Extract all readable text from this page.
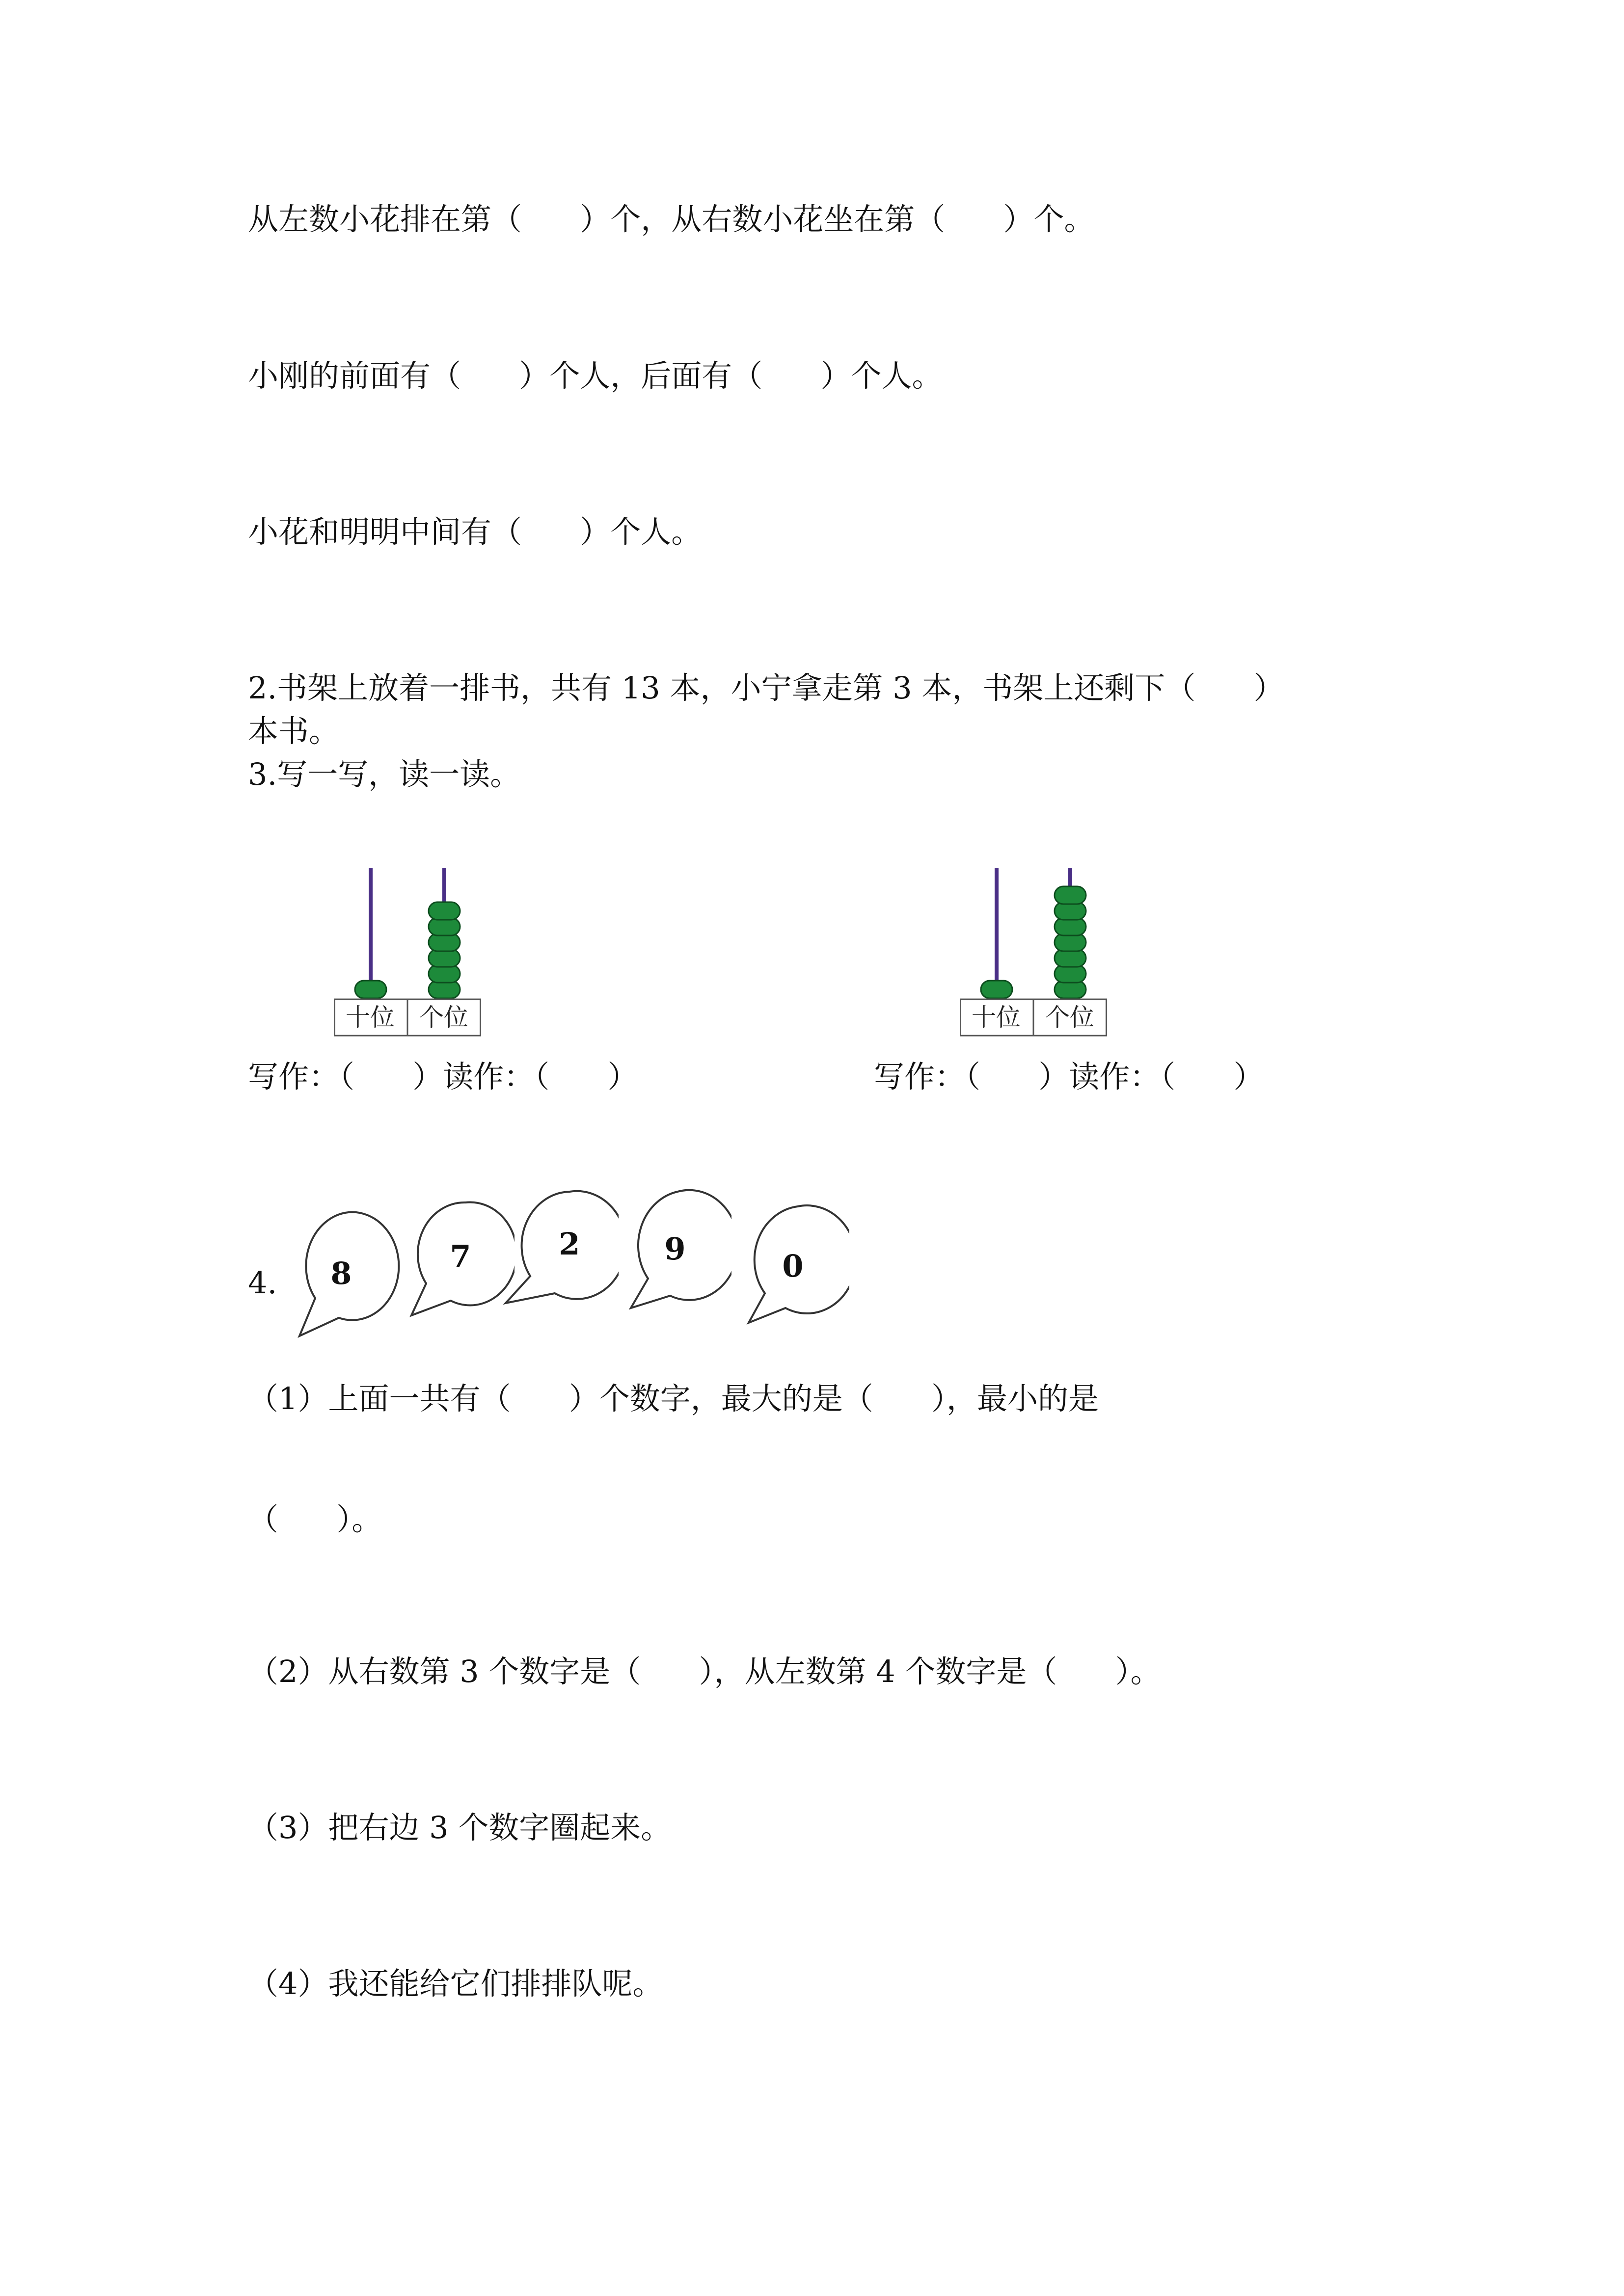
从左数小花排在第（      ）个，从右数小花坐在第（      ）个。

小刚的前面有（      ）个人，后面有（      ）个人。

小花和明明中间有（      ）个人。

2.书架上放着一排书，共有 13 本，小宁拿走第 3 本，书架上还剩下（      ）

本书。

3.写一写，读一读。

十位	个位	十位	个位

写作：（      ）读作：（      ）	写作：（      ）读作：（      ）

4. 8	7	2	9	0

（1）上面一共有（      ）个数字，最大的是（      ），最小的是

（      ）。

（2）从右数第 3 个数字是（      ），从左数第 4 个数字是（      ）。

（3）把右边 3 个数字圈起来。

（4）我还能给它们排排队呢。
